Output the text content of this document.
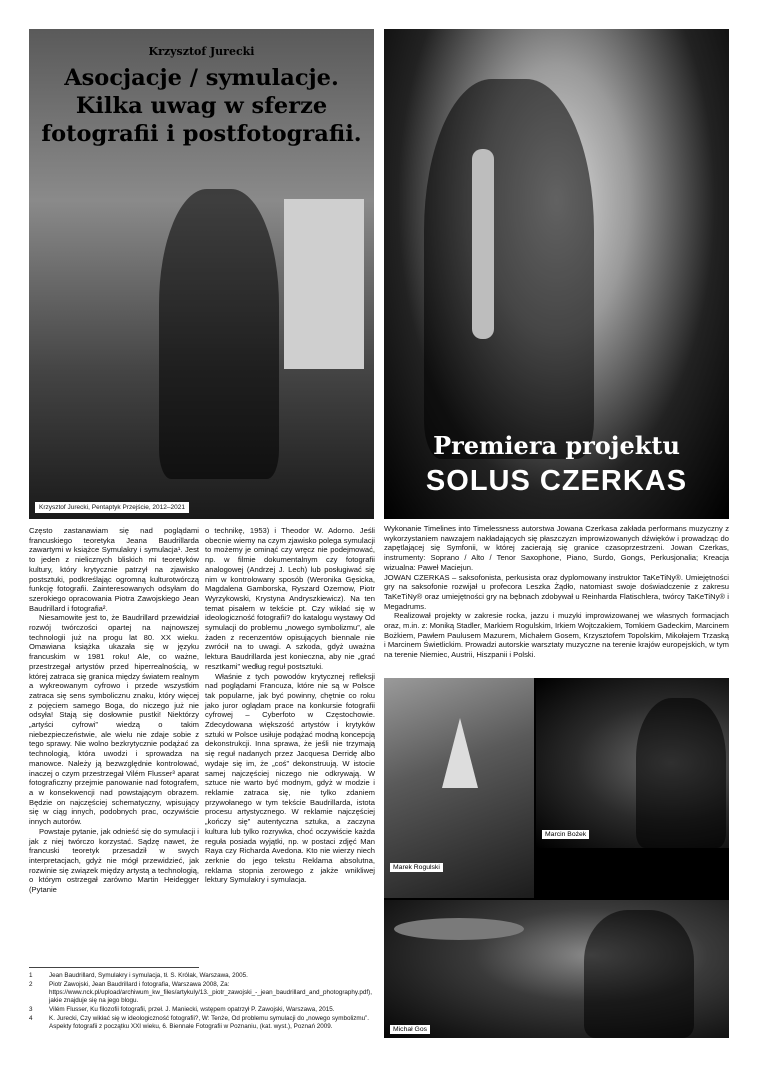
Krzysztof Jurecki
Asocjacje / symulacje. Kilka uwag w sferze fotografii i postfotografii.
Krzysztof Jurecki, Pentaptyk Przejście, 2012–2021
Premiera projektu
SOLUS CZERKAS

Często zastanawiam się nad poglądami francuskiego teoretyka Jeana Baudrillarda zawartymi w książce Symulakry i symulacja¹. Jest to jeden z nielicznych bliskich mi teoretyków kultury, który krytycznie patrzył na zjawisko postsztuki, podkreślając ogromną kulturotwórczą funkcję fotografii. Zainteresowanych odsyłam do szerokiego opracowania Piotra Zawojskiego Jean Baudrillard i fotografia².

Niesamowite jest to, że Baudrillard przewidział rozwój twórczości opartej na najnowszej technologii już na progu lat 80. XX wieku. Omawiana książka ukazała się w języku francuskim w 1981 roku! Ale, co ważne, przestrzegał artystów przed hiperrealnością, w której zatraca się granica między światem realnym a wykreowanym cyfrowo i przede wszystkim zatraca się sens symbolicznu znaku, który więcej z pojęciem samego Boga, do niczego już nie odsyła! Stają się dosłownie pustki! Niektórzy „artyści cyfrowi” wiedzą o takim niebezpieczeństwie, ale wielu nie zdaje sobie z tego sprawy. Nie wolno bezkrytycznie podążać za technologią, która uwodzi i sprowadza na manowce. Należy ją bezwzględnie kontrolować, inaczej o czym przestrzegał Vilém Flusser³ aparat fotograficzny przejmie panowanie nad fotografem, a w konsekwencji nad powstającym obrazem. Będzie on najczęściej schematyczny, wpisujący się w ciąg innych, podobnych prac, oczywiście innych autorów.

Powstaje pytanie, jak odnieść się do symulacji i jak z niej twórczo korzystać. Sądzę nawet, że francuski teoretyk przesadził w swych interpretacjach, gdyż nie mógł przewidzieć, jak rozwinie się związek między artystą a technologią, o którym ostrzegał zarówno Martin Heidegger (Pytanie

o technikę, 1953) i Theodor W. Adorno. Jeśli obecnie wiemy na czym zjawisko polega symulacji to możemy je ominąć czy wręcz nie podejmować, np. w filmie dokumentalnym czy fotografii analogowej (Andrzej J. Lech) lub posługiwać się nim w kontrolowany sposób (Weronika Gęsicka, Magdalena Gamborska, Ryszard Ozernow, Piotr Wyrzykowski, Krystyna Andryszkiewicz). Na ten temat pisałem w tekście pt. Czy wikłać się w ideologiczność fotografii? do katalogu wystawy Od symulacji do problemu „nowego symbolizmu”, ale żaden z recenzentów opisujących biennale nie zwrócił na to uwagi. A szkoda, gdyż uważna lektura Baudrillarda jest konieczna, aby nie „grać resztkami” według reguł postsztuki.

Właśnie z tych powodów krytycznej refleksji nad poglądami Francuza, które nie są w Polsce tak popularne, jak być powinny, chętnie co roku jako juror oglądam prace na konkursie fotografii cyfrowej – Cyberfoto w Częstochowie. Zdecydowana większość artystów i krytyków sztuki w Polsce usiłuje podążać modną koncepcją dekonstrukcji. Inna sprawa, że jeśli nie trzymają się reguł nadanych przez Jacquesa Derridę albo wydaje się im, że „coś” dekonstruują. W istocie samej najczęściej niczego nie odkrywają. W sztuce nie warto być modnym, gdyż w modzie i reklamie zatraca się, nie tylko zdaniem przywołanego w tym tekście Baudrillarda, istota procesu artystycznego. W reklamie najczęściej „kończy się” autentyczna sztuka, a zaczyna kultura lub tylko rozrywka, choć oczywiście każda reguła posiada wyjątki, np. w postaci zdjęć Man Raya czy Richarda Avedona. Kto nie wierzy niech zerknie do jego tekstu Reklama absolutna, reklama stopnia zerowego z jakże wnikliwej lektury Symulakry i symulacja.

Wykonanie Timelines into Timelessness autorstwa Jowana Czerkasa zakłada performans muzyczny z wykorzystaniem nawzajem nakładających się płaszczyzn improwizowanych dźwięków i prowadząc do zapętlającej się Symfonii, w której zacierają się granice czasoprzestrzeni. Jowan Czerkas, instrumenty: Soprano / Alto / Tenor Saxophone, Piano, Surdo, Gongs, Perkusjonalia; Kreacja wizualna: Paweł Maciejun.

JOWAN CZERKAS – saksofonista, perkusista oraz dyplomowany instruktor TaKeTiNy®. Umiejętności gry na saksofonie rozwijał u profecora Leszka Żądło, natomiast swoje doświadczenie z zakresu TaKeTiNy® oraz umiejętności gry na bębnach zdobywał u Reinharda Flatischlera, twórcy TaKeTiNy® i Megadrums.

Realizował projekty w zakresie rocka, jazzu i muzyki improwizowanej we własnych formacjach oraz, m.in. z: Moniką Stadler, Markiem Rogulskim, Irkiem Wojtczakiem, Tomkiem Gadeckim, Marcinem Bożkiem, Pawłem Paulusem Mazurem, Michałem Gosem, Krzysztofem Topolskim, Mikołajem Trzaską i Marcinem Świetlickim. Prowadzi autorskie warsztaty muzyczne na terenie krajów europejskich, w tym na terenie Niemiec, Austrii, Hiszpanii i Polski.

Marek Rogulski
Marcin Bożek
Michał Gos
1	Jean Baudrillard, Symulakry i symulacja, tł. S. Królak, Warszawa, 2005.
2	Piotr Zawojski, Jean Baudrillard i fotografia, Warszawa 2008, Za: https://www.nck.pl/upload/archiwum_kw_files/artykuly/13._piotr_zawojski_-_jean_baudrillard_and_photography.pdf), jakie znajduje się na jego blogu.
3	Vilém Flusser, Ku filozofii fotografii, przeł. J. Maniecki, wstępem opatrzył P. Zawojski, Warszawa, 2015.
4	K. Jurecki, Czy wikłać się w ideologiczność fotografii?, W: Tenże, Od problemu symulacji do „nowego symbolizmu”. Aspekty fotografii z początku XXI wieku, 6. Biennale Fotografii w Poznaniu, (kat. wyst.), Poznań 2009.
